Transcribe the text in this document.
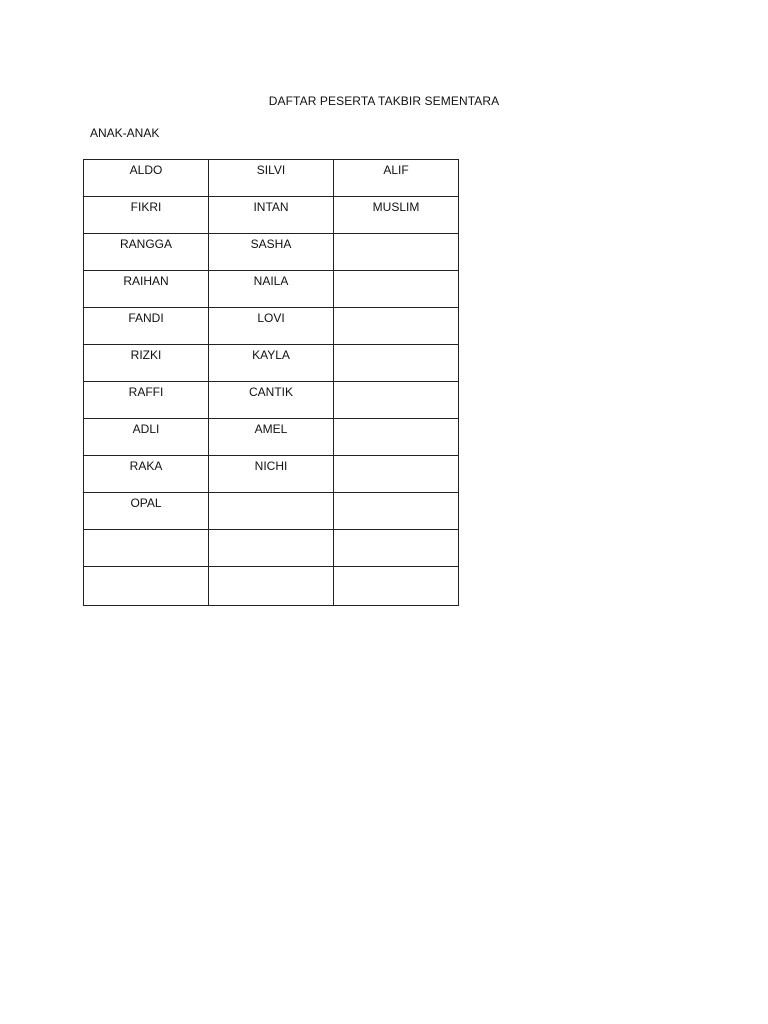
DAFTAR PESERTA TAKBIR SEMENTARA
ANAK-ANAK
ALDO	SILVI	ALIF
FIKRI	INTAN	MUSLIM
RANGGA	SASHA	
RAIHAN	NAILA	
FANDI	LOVI	
RIZKI	KAYLA	
RAFFI	CANTIK	
ADLI	AMEL	
RAKA	NICHI	
OPAL		
